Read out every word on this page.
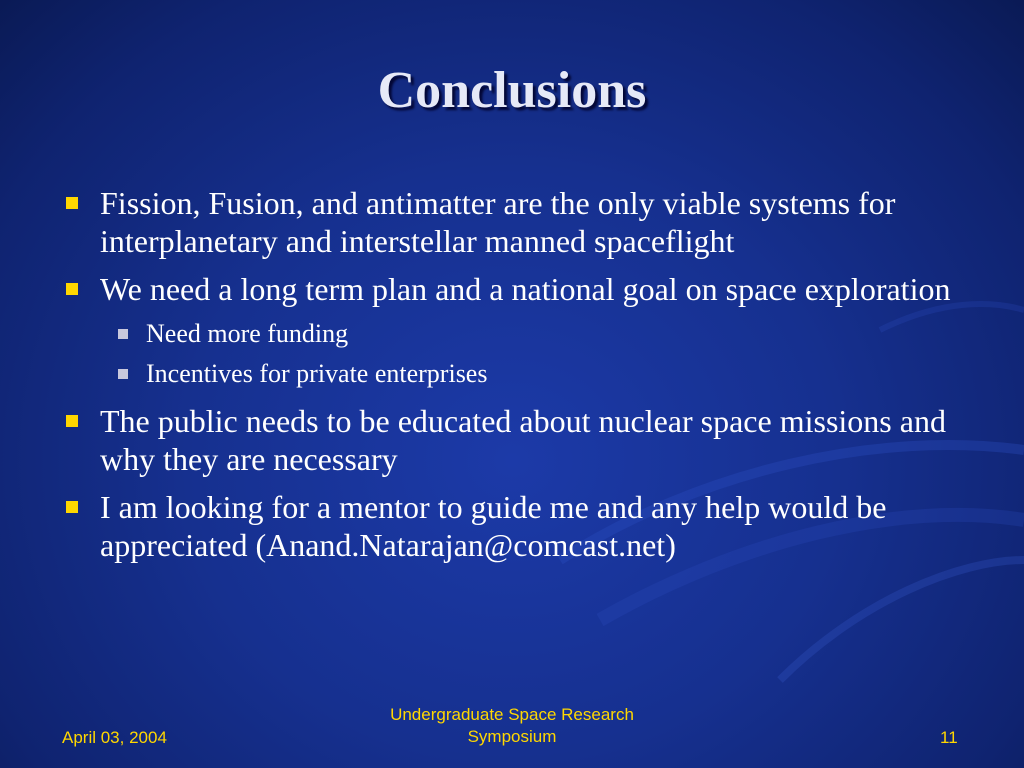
Conclusions
Fission, Fusion, and antimatter are the only viable systems for interplanetary and interstellar manned spaceflight
We need a long term plan and a national goal on space exploration
Need more funding
Incentives for private enterprises
The public needs to be educated about nuclear space missions and why they are necessary
I am looking for a mentor to guide me and any help would be appreciated (Anand.Natarajan@comcast.net)
April 03, 2004
Undergraduate Space Research Symposium	11
